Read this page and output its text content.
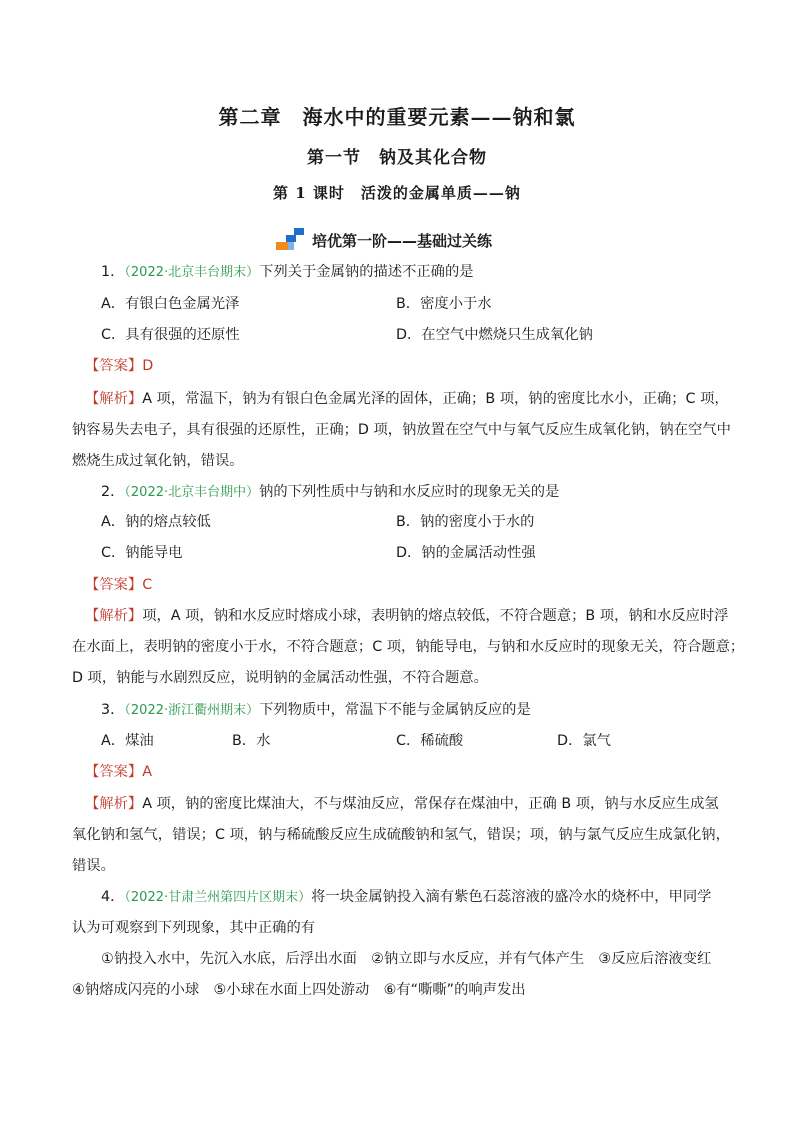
第二章　海水中的重要元素——钠和氯
第一节　钠及其化合物
第 1 课时　活泼的金属单质——钠
培优第一阶——基础过关练
1．（2022·北京丰台期末）下列关于金属钠的描述不正确的是
A．有银白色金属光泽	B．密度小于水
C．具有很强的还原性	D．在空气中燃烧只生成氧化钠
【答案】D
【解析】A 项，常温下，钠为有银白色金属光泽的固体，正确；B 项，钠的密度比水小，正确；C 项，
钠容易失去电子，具有很强的还原性，正确；D 项，钠放置在空气中与氧气反应生成氧化钠，钠在空气中
燃烧生成过氧化钠，错误。
2．（2022·北京丰台期中）钠的下列性质中与钠和水反应时的现象无关的是
A．钠的熔点较低	B．钠的密度小于水的
C．钠能导电	D．钠的金属活动性强
【答案】C
【解析】项，A 项，钠和水反应时熔成小球，表明钠的熔点较低，不符合题意；B 项，钠和水反应时浮
在水面上，表明钠的密度小于水，不符合题意；C 项，钠能导电，与钠和水反应时的现象无关，符合题意；
D 项，钠能与水剧烈反应，说明钠的金属活动性强，不符合题意。
3．（2022·浙江衢州期末）下列物质中，常温下不能与金属钠反应的是
A．煤油	B．水	C．稀硫酸	D．氯气
【答案】A
【解析】A 项，钠的密度比煤油大，不与煤油反应，常保存在煤油中，正确 B 项，钠与水反应生成氢
氧化钠和氢气，错误；C 项，钠与稀硫酸反应生成硫酸钠和氢气，错误；项，钠与氯气反应生成氯化钠，
错误。
4．（2022·甘肃兰州第四片区期末）将一块金属钠投入滴有紫色石蕊溶液的盛冷水的烧杯中，甲同学
认为可观察到下列现象，其中正确的有
①钠投入水中，先沉入水底，后浮出水面　②钠立即与水反应，并有气体产生　③反应后溶液变红
④钠熔成闪亮的小球　⑤小球在水面上四处游动　⑥有“嘶嘶”的响声发出
